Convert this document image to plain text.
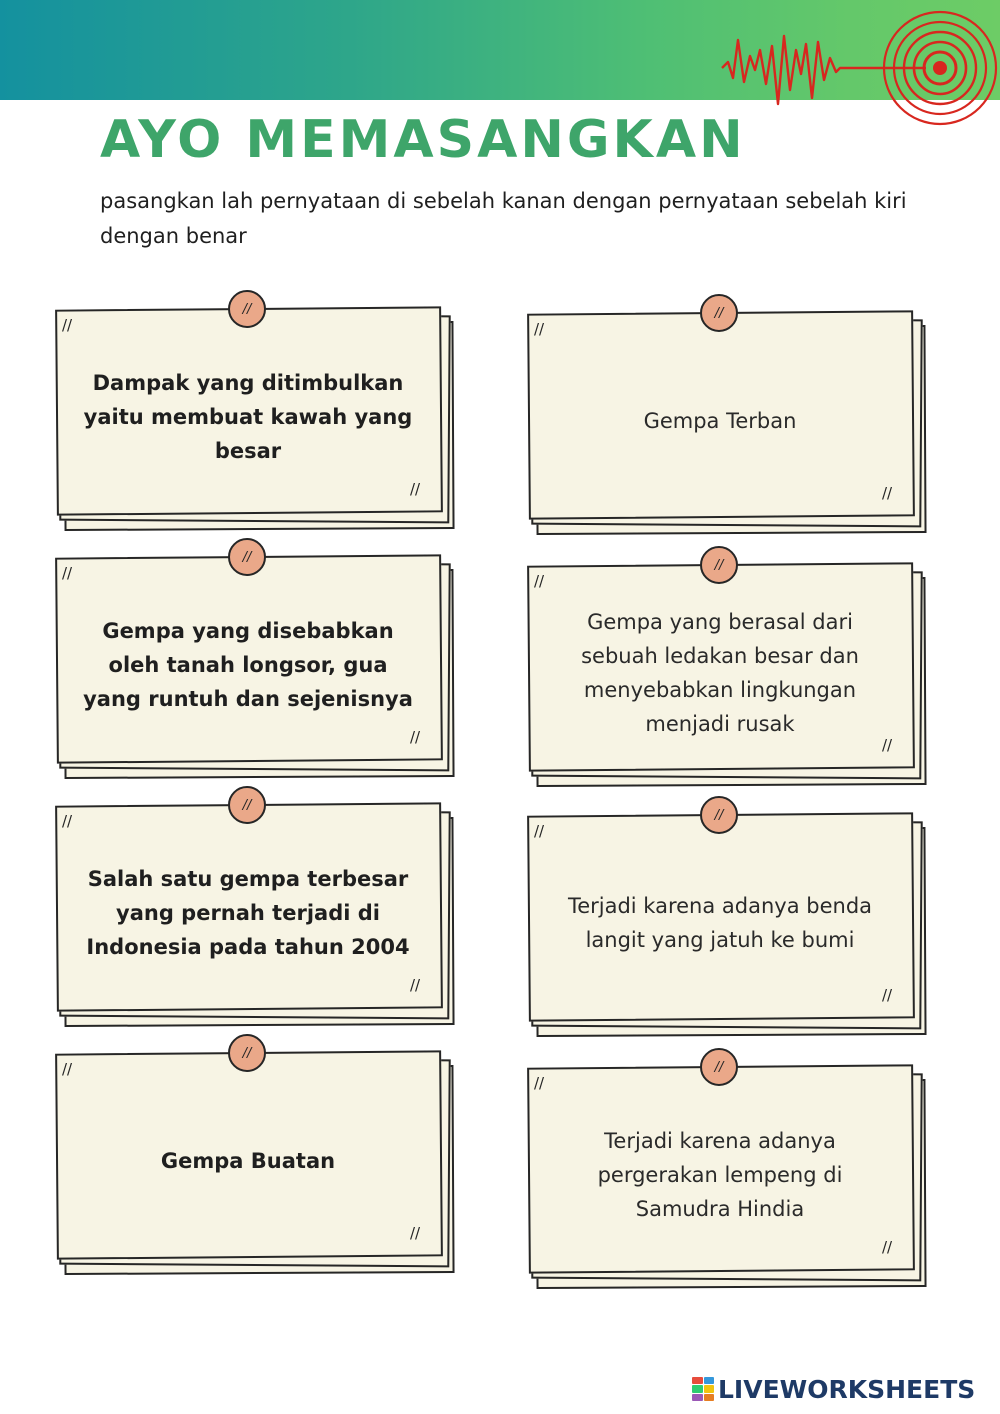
AYO MEMASANGKAN

pasangkan lah pernyataan di sebelah kanan dengan pernyataan sebelah kiri dengan benar

//
//
//

Dampak yang ditimbulkan yaitu membuat kawah yang besar

//
//
//

Gempa yang disebabkan oleh tanah longsor, gua yang runtuh dan sejenisnya

//
//
//

Salah satu gempa terbesar yang pernah terjadi di Indonesia pada tahun 2004

//
//
//

Gempa Buatan

//
//
//

Gempa Terban

//
//
//

Gempa yang berasal dari sebuah ledakan besar dan menyebabkan lingkungan menjadi rusak

//
//
//

Terjadi karena adanya benda langit yang jatuh ke bumi

//
//
//

Terjadi karena adanya pergerakan lempeng di Samudra Hindia

LIVEWORKSHEETS
